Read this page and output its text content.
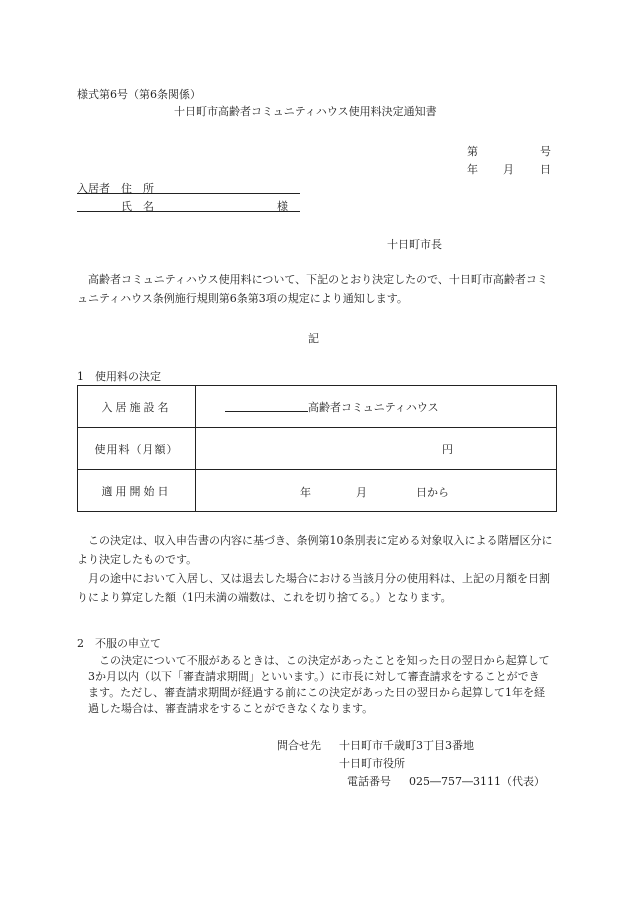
様式第6号（第6条関係）
十日町市高齢者コミュニティハウス使用料決定通知書
第	号
年 月 日
入居者 住　所
氏　名	様
十日町市長
高齢者コミュニティハウス使用料について、下記のとおり決定したので、十日町市高齢者コミュニティハウス条例施行規則第6条第3項の規定により通知します。
記
1　使用料の決定
入居施設名	高齢者コミュニティハウス
使用料（月額）	円
適用開始日	年 月 日から
この決定は、収入申告書の内容に基づき、条例第10条別表に定める対象収入による階層区分により決定したものです。
月の途中において入居し、又は退去した場合における当該月分の使用料は、上記の月額を日割りにより算定した額（1円未満の端数は、これを切り捨てる。）となります。
2　不服の申立て
この決定について不服があるときは、この決定があったことを知った日の翌日から起算して3か月以内（以下「審査請求期間」といいます。）に市長に対して審査請求をすることができます。ただし、審査請求期間が経過する前にこの決定があった日の翌日から起算して1年を経過した場合は、審査請求をすることができなくなります。
問合せ先 十日町市千歳町3丁目3番地
十日町市役所
電話番号 025―757―3111（代表）
